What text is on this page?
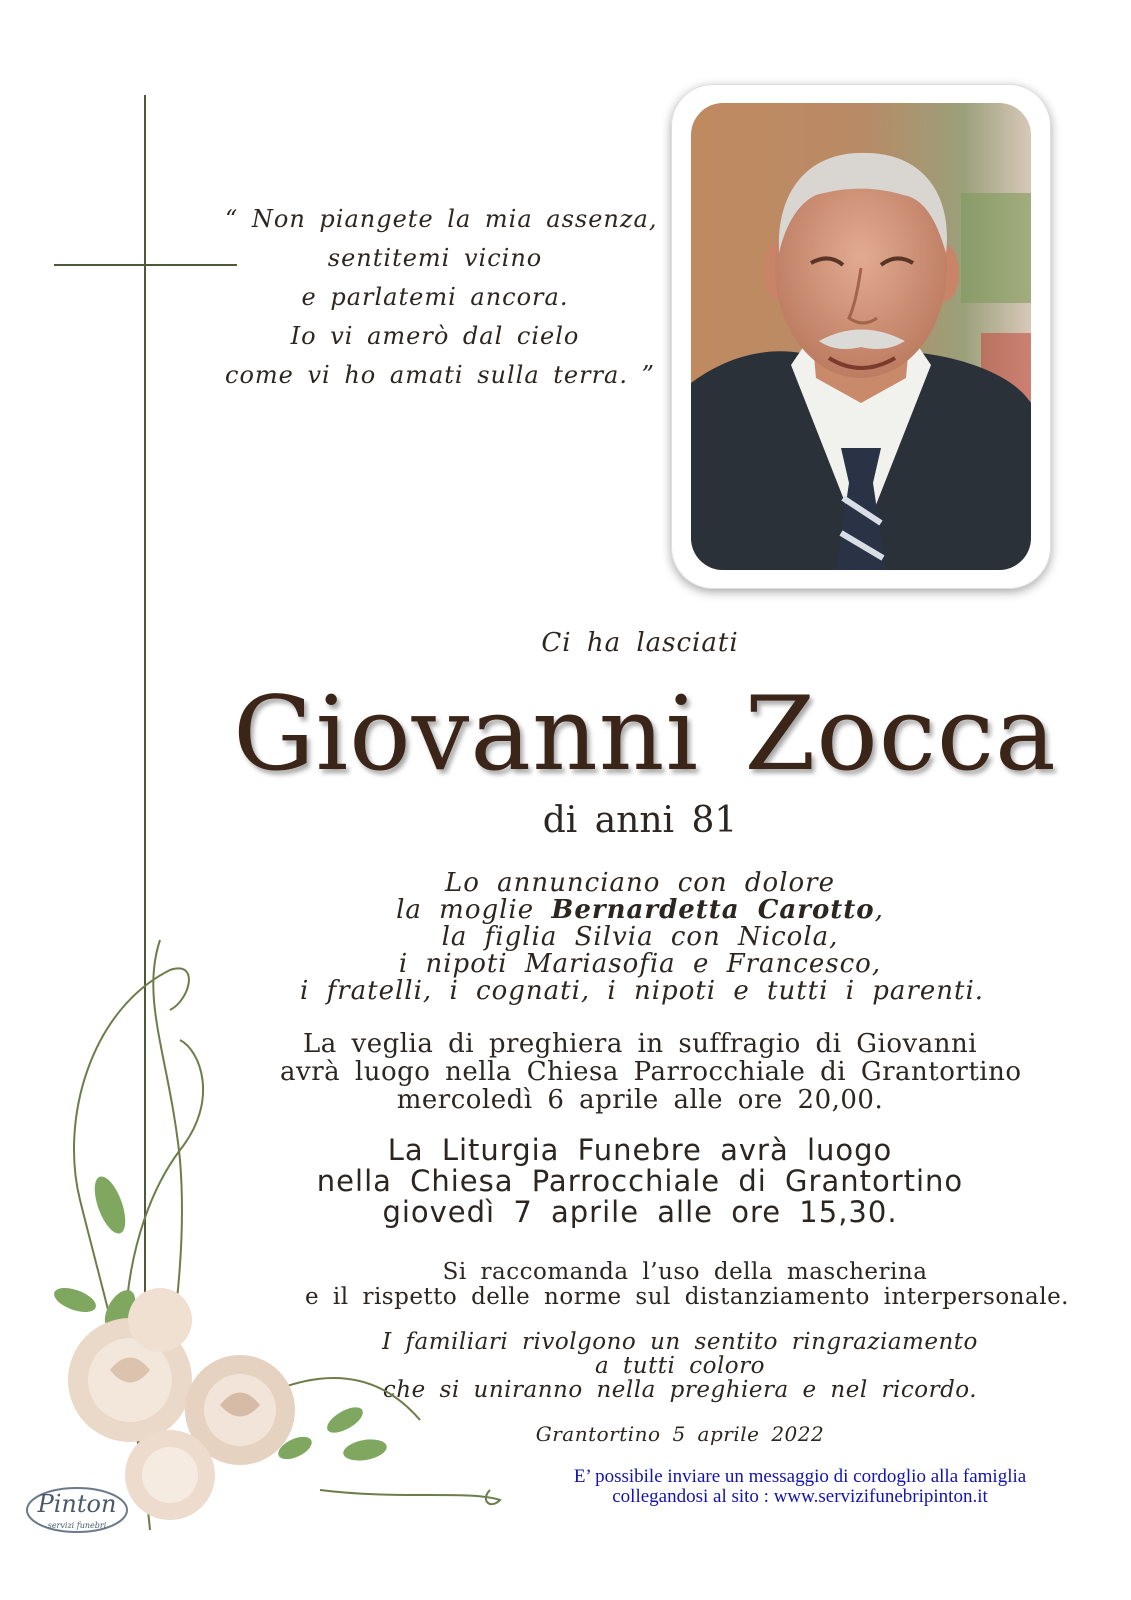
“ Non piangete la mia assenza,
sentitemi vicino
e parlatemi ancora.
Io vi amerò dal cielo
come vi ho amati sulla terra. ”
Ci ha lasciati
Giovanni Zocca
di anni 81
Lo annunciano con dolore
la moglie Bernardetta Carotto,
la figlia Silvia con Nicola,
i nipoti Mariasofia e Francesco,
i fratelli, i cognati, i nipoti e tutti i parenti.
La veglia di preghiera in suffragio di Giovanni
avrà luogo nella Chiesa Parrocchiale di Grantortino
mercoledì 6 aprile alle ore 20,00.
La Liturgia Funebre avrà luogo
nella Chiesa Parrocchiale di Grantortino
giovedì 7 aprile alle ore 15,30.
Si raccomanda l’uso della mascherina
e il rispetto delle norme sul distanziamento interpersonale.
I familiari rivolgono un sentito ringraziamento
a tutti coloro
che si uniranno nella preghiera e nel ricordo.
Grantortino 5 aprile 2022
E’ possibile inviare un messaggio di cordoglio alla famiglia
collegandosi al sito : www.servizifunebripinton.it
Pinton
servizi funebri
